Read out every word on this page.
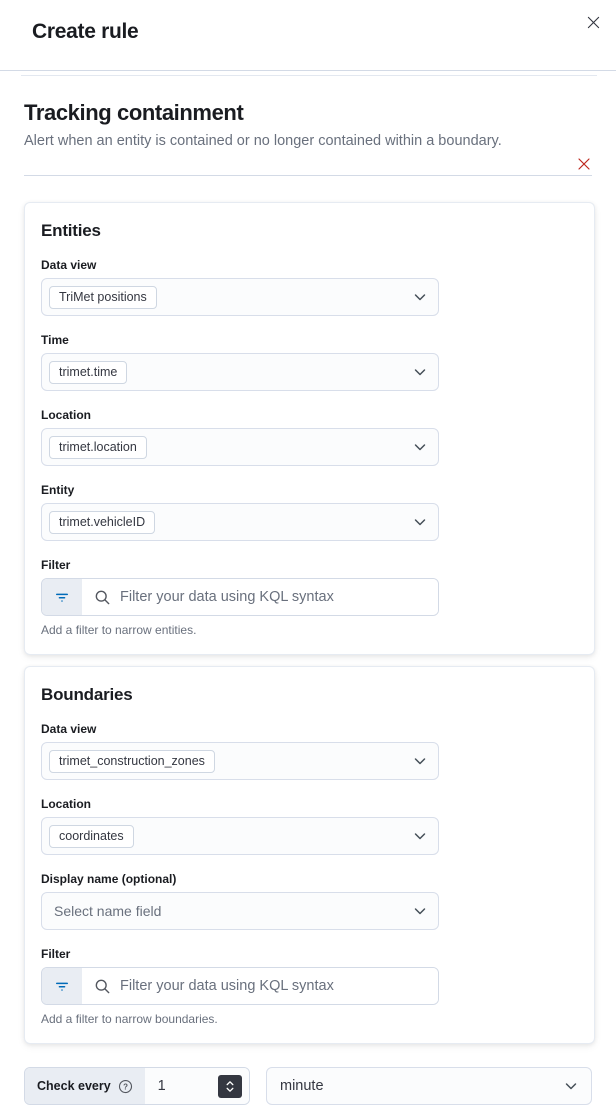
Create rule
Tracking containment
Alert when an entity is contained or no longer contained within a boundary.
Entities
Data view
TriMet positions
Time
trimet.time
Location
trimet.location
Entity
trimet.vehicleID
Filter
Filter your data using KQL syntax
Add a filter to narrow entities.
Boundaries
Data view
trimet_construction_zones
Location
coordinates
Display name (optional)
Select name field
Filter
Filter your data using KQL syntax
Add a filter to narrow boundaries.
Check every ?
1	minute
